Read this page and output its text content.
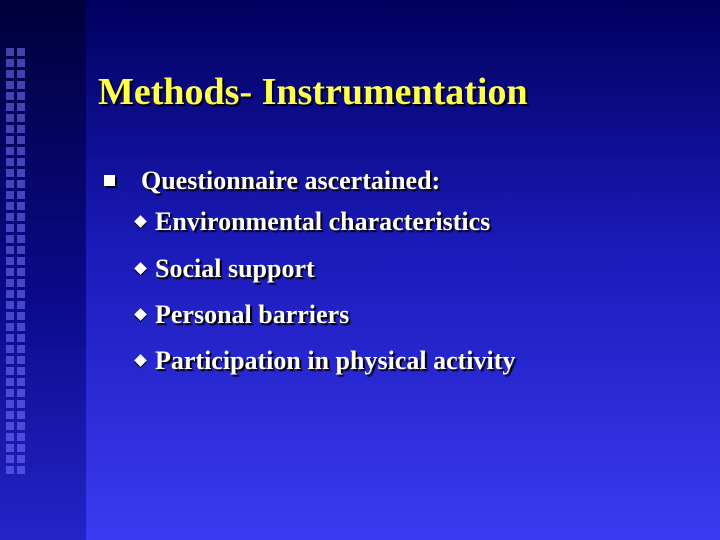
Methods- Instrumentation
Questionnaire ascertained:
Environmental characteristics
Social support
Personal barriers
Participation in physical activity
